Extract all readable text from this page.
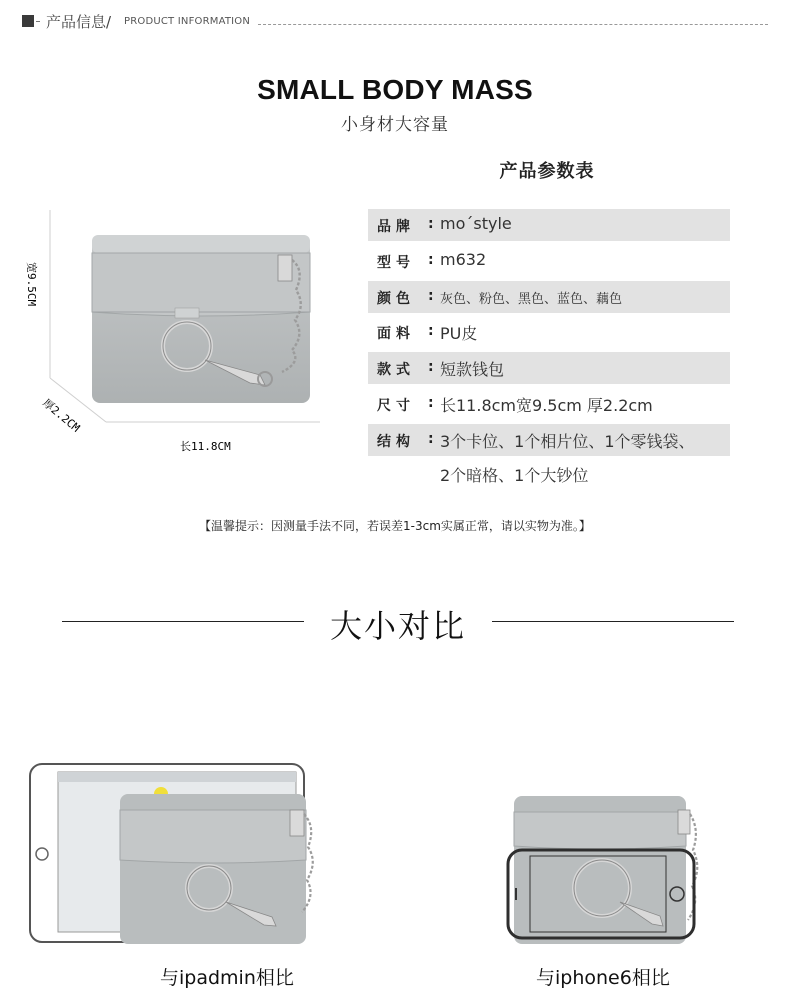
产品信息/ PRODUCT INFORMATION
SMALL BODY MASS
小身材大容量
宽9.5CM
厚2.2CM
长11.8CM
产品参数表
品牌 : mo´style
型号 : m632
颜色 : 灰色、粉色、黑色、蓝色、藕色
面料 : PU皮
款式 : 短款钱包
尺寸 : 长11.8cm宽9.5cm 厚2.2cm
结构 : 3个卡位、1个相片位、1个零钱袋、
2个暗格、1个大钞位
【温馨提示：因测量手法不同，若误差1-3cm实属正常，请以实物为准。】
大小对比
与ipadmin相比	与iphone6相比
